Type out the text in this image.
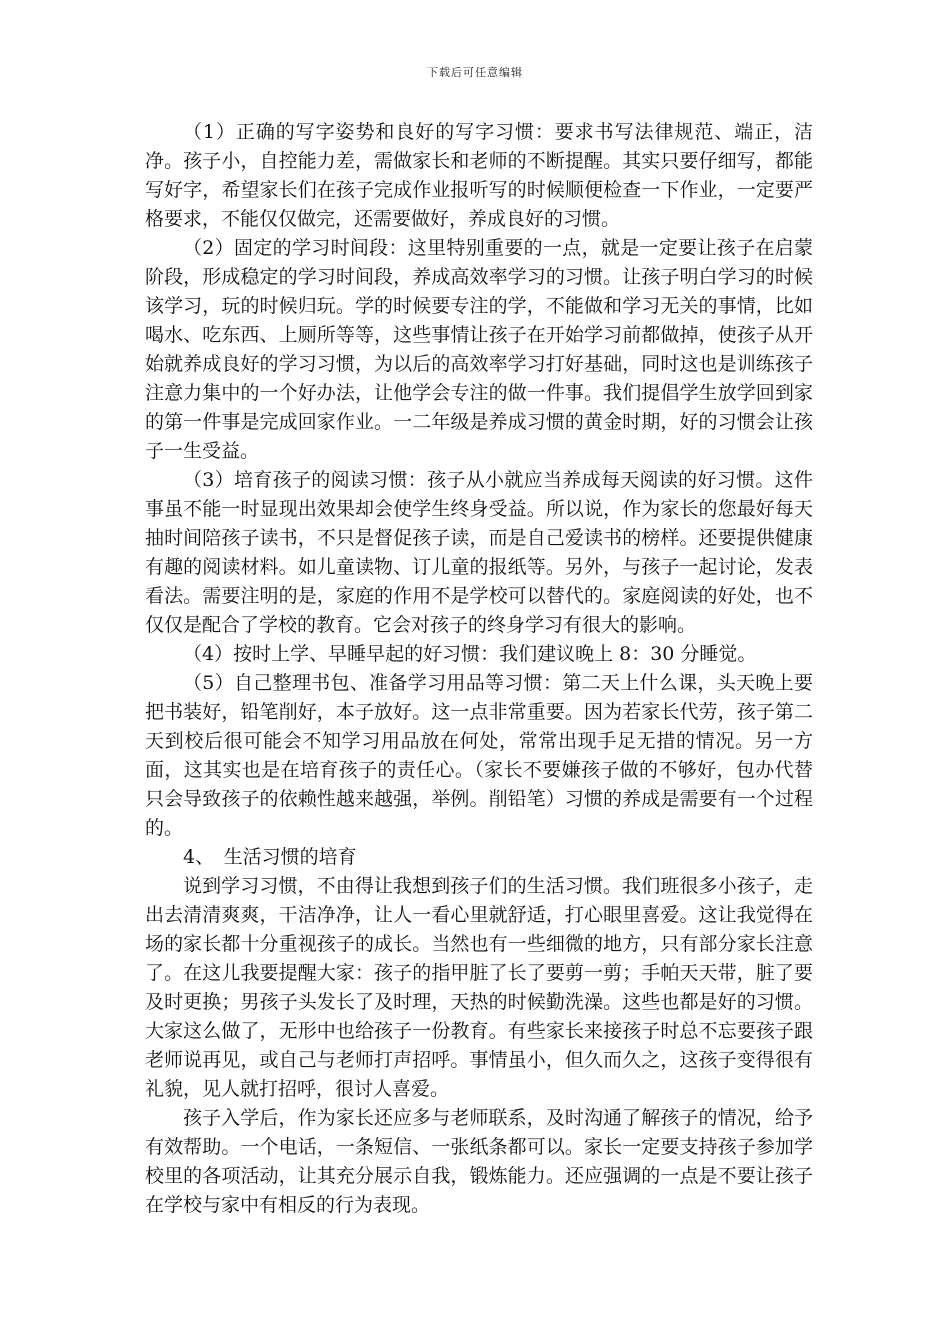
下载后可任意编辑

（1）正确的写字姿势和良好的写字习惯：要求书写法律规范、端正，洁净。孩子小，自控能力差，需做家长和老师的不断提醒。其实只要仔细写，都能写好字，希望家长们在孩子完成作业报听写的时候顺便检查一下作业，一定要严格要求，不能仅仅做完，还需要做好，养成良好的习惯。

（2）固定的学习时间段：这里特别重要的一点，就是一定要让孩子在启蒙阶段，形成稳定的学习时间段，养成高效率学习的习惯。让孩子明白学习的时候该学习，玩的时候归玩。学的时候要专注的学，不能做和学习无关的事情，比如喝水、吃东西、上厕所等等，这些事情让孩子在开始学习前都做掉，使孩子从开始就养成良好的学习习惯，为以后的高效率学习打好基础，同时这也是训练孩子注意力集中的一个好办法，让他学会专注的做一件事。我们提倡学生放学回到家的第一件事是完成回家作业。一二年级是养成习惯的黄金时期，好的习惯会让孩子一生受益。

（3）培育孩子的阅读习惯：孩子从小就应当养成每天阅读的好习惯。这件事虽不能一时显现出效果却会使学生终身受益。所以说，作为家长的您最好每天抽时间陪孩子读书，不只是督促孩子读，而是自己爱读书的榜样。还要提供健康有趣的阅读材料。如儿童读物、订儿童的报纸等。另外，与孩子一起讨论，发表看法。需要注明的是，家庭的作用不是学校可以替代的。家庭阅读的好处，也不仅仅是配合了学校的教育。它会对孩子的终身学习有很大的影响。

（4）按时上学、早睡早起的好习惯：我们建议晚上 8：30 分睡觉。

（5）自己整理书包、准备学习用品等习惯：第二天上什么课，头天晚上要把书装好，铅笔削好，本子放好。这一点非常重要。因为若家长代劳，孩子第二天到校后很可能会不知学习用品放在何处，常常出现手足无措的情况。另一方面，这其实也是在培育孩子的责任心。（家长不要嫌孩子做的不够好，包办代替只会导致孩子的依赖性越来越强，举例。削铅笔）习惯的养成是需要有一个过程的。

4、　生活习惯的培育

说到学习习惯，不由得让我想到孩子们的生活习惯。我们班很多小孩子，走出去清清爽爽，干洁净净，让人一看心里就舒适，打心眼里喜爱。这让我觉得在场的家长都十分重视孩子的成长。当然也有一些细微的地方，只有部分家长注意了。在这儿我要提醒大家：孩子的指甲脏了长了要剪一剪；手帕天天带，脏了要及时更换；男孩子头发长了及时理，天热的时候勤洗澡。这些也都是好的习惯。大家这么做了，无形中也给孩子一份教育。有些家长来接孩子时总不忘要孩子跟老师说再见，或自己与老师打声招呼。事情虽小，但久而久之，这孩子变得很有礼貌，见人就打招呼，很讨人喜爱。

孩子入学后，作为家长还应多与老师联系，及时沟通了解孩子的情况，给予有效帮助。一个电话，一条短信、一张纸条都可以。家长一定要支持孩子参加学校里的各项活动，让其充分展示自我，锻炼能力。还应强调的一点是不要让孩子在学校与家中有相反的行为表现。
